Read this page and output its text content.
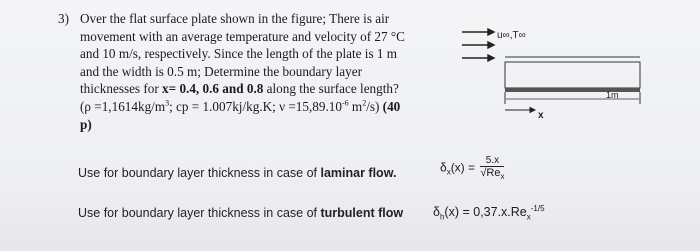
3) Over the flat surface plate shown in the figure; There is air
movement with an average temperature and velocity of 27 °C
and 10 m/s, respectively. Since the length of the plate is 1 m
and the width is 0.5 m; Determine the boundary layer
thicknesses for x= 0.4, 0.6 and 0.8 along the surface length?
($\rho =1,1614kg/m^3$; cp = 1.007kj/kg.K; $\nu =15,89.10^{-6}$ $m^2/s$) (40
p)
u∞,T∞
1m
x
Use for boundary layer thickness in case of laminar flow.
Use for boundary layer thickness in case of turbulent flow
$\delta_x(x) = \frac{5.x}{√Re_x}$
$\delta_h(x) = 0,37.x.Re_x^{-1/5}$
